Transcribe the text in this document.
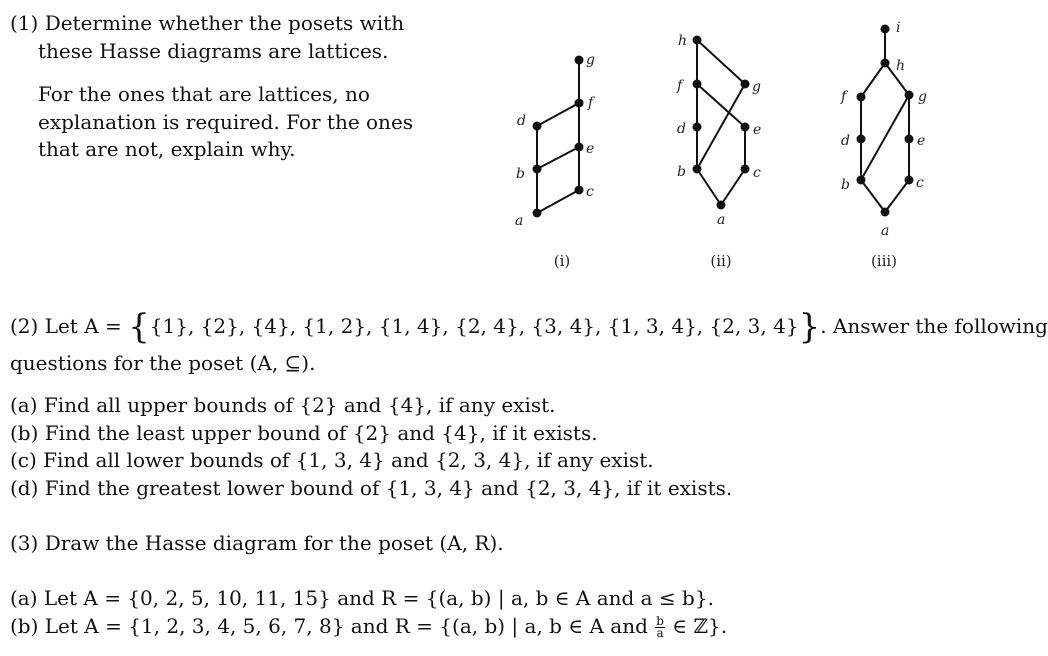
(1) Determine whether the posets with
these Hasse diagrams are lattices.
For the ones that are lattices, no
explanation is required. For the ones
that are not, explain why.
a
b
c
d
e
f
g
a
b	c
d	e
f	g
h
a
b	c
d	e
f	g
h
i
(i)	(ii)	(iii)
(2) Let A = {{1}, {2}, {4}, {1, 2}, {1, 4}, {2, 4}, {3, 4}, {1, 3, 4}, {2, 3, 4}}. Answer the following
questions for the poset (A, ⊆).
(a) Find all upper bounds of {2} and {4}, if any exist.
(b) Find the least upper bound of {2} and {4}, if it exists.
(c) Find all lower bounds of {1, 3, 4} and {2, 3, 4}, if any exist.
(d) Find the greatest lower bound of {1, 3, 4} and {2, 3, 4}, if it exists.
(3) Draw the Hasse diagram for the poset (A, R).
(a) Let A = {0, 2, 5, 10, 11, 15} and R = {(a, b) | a, b ∈ A and a ≤ b}.
(b) Let A = {1, 2, 3, 4, 5, 6, 7, 8} and R = {(a, b) | a, b ∈ A and $\frac{b}{a}$ ∈ ℤ}.
